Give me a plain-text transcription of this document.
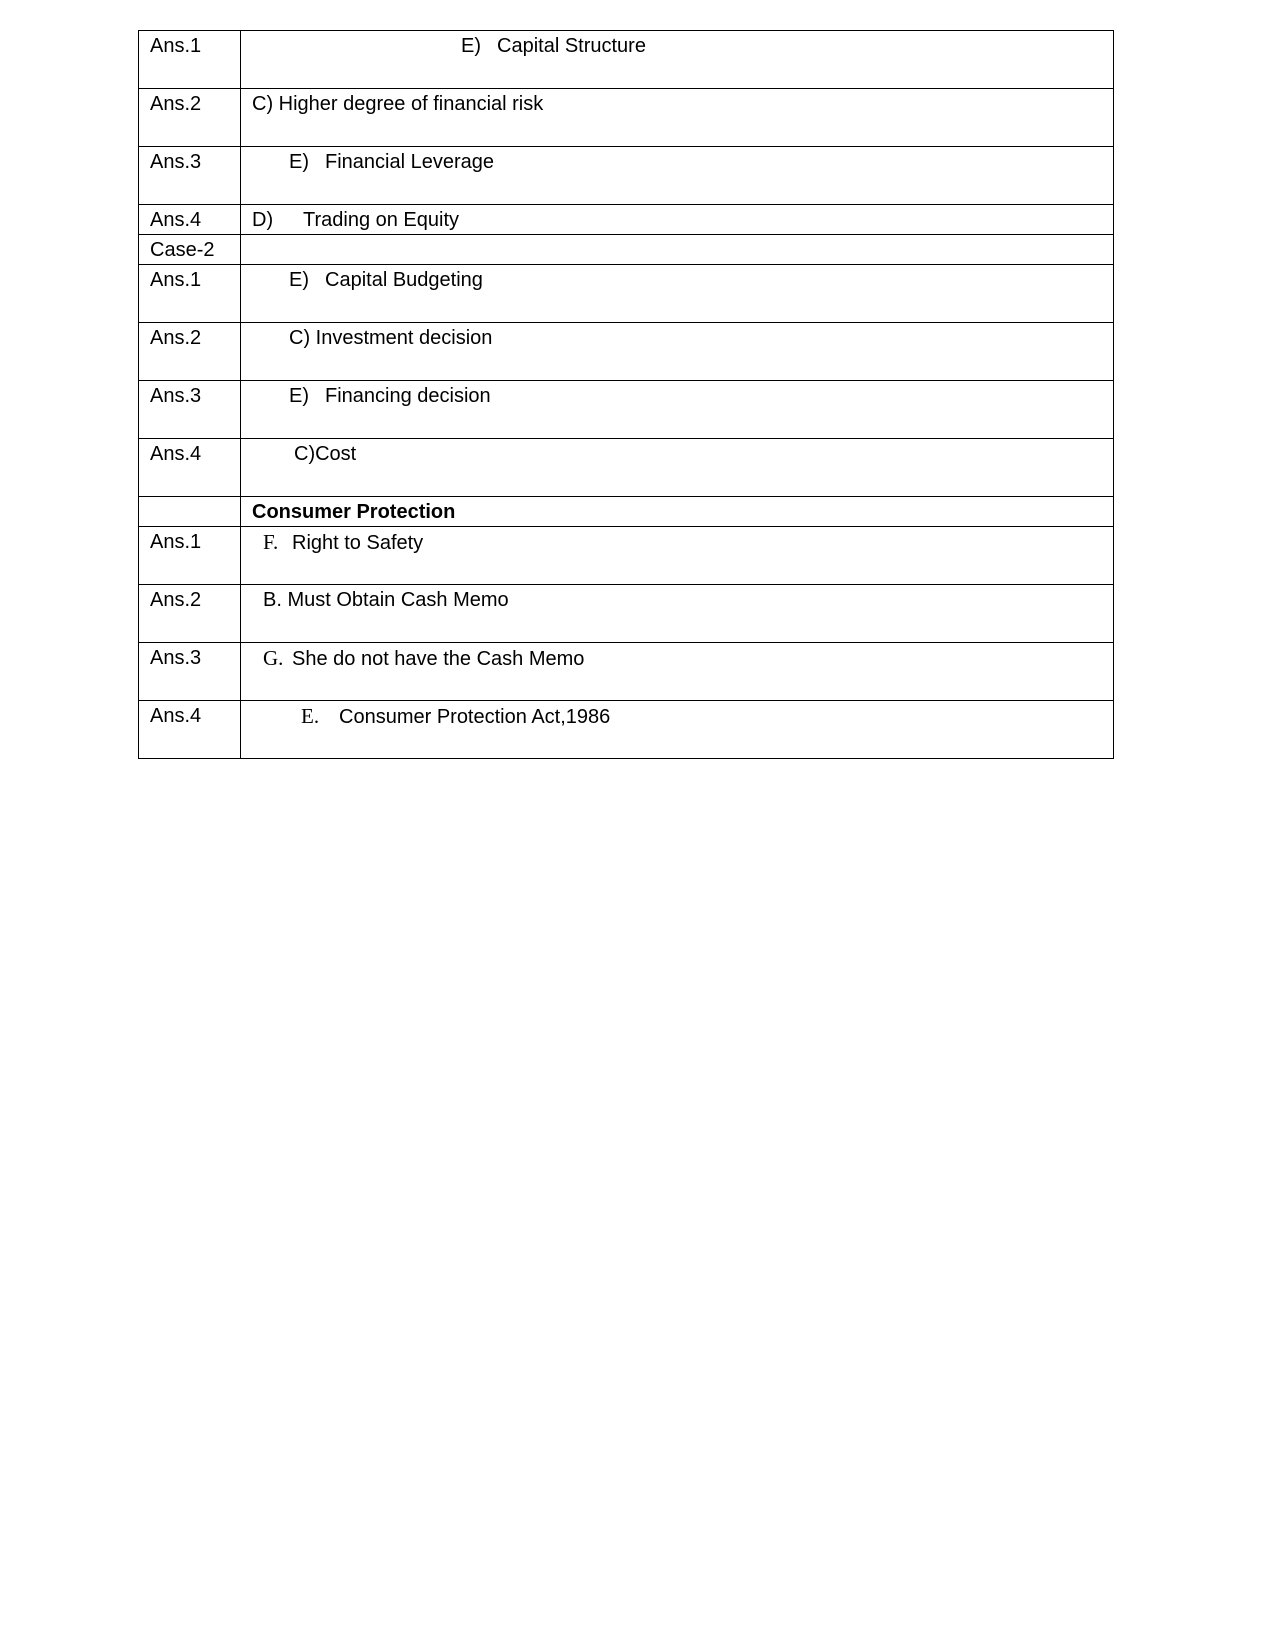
Ans.1	E) Capital Structure
Ans.2	C) Higher degree of financial risk
Ans.3	E) Financial Leverage
Ans.4	D) Trading on Equity
Case-2	
Ans.1	E) Capital Budgeting
Ans.2	C) Investment decision
Ans.3	E) Financing decision
Ans.4	C)Cost
	Consumer Protection
Ans.1	F. Right to Safety
Ans.2	B. Must Obtain Cash Memo
Ans.3	G. She do not have the Cash Memo
Ans.4	E. Consumer Protection Act,1986
